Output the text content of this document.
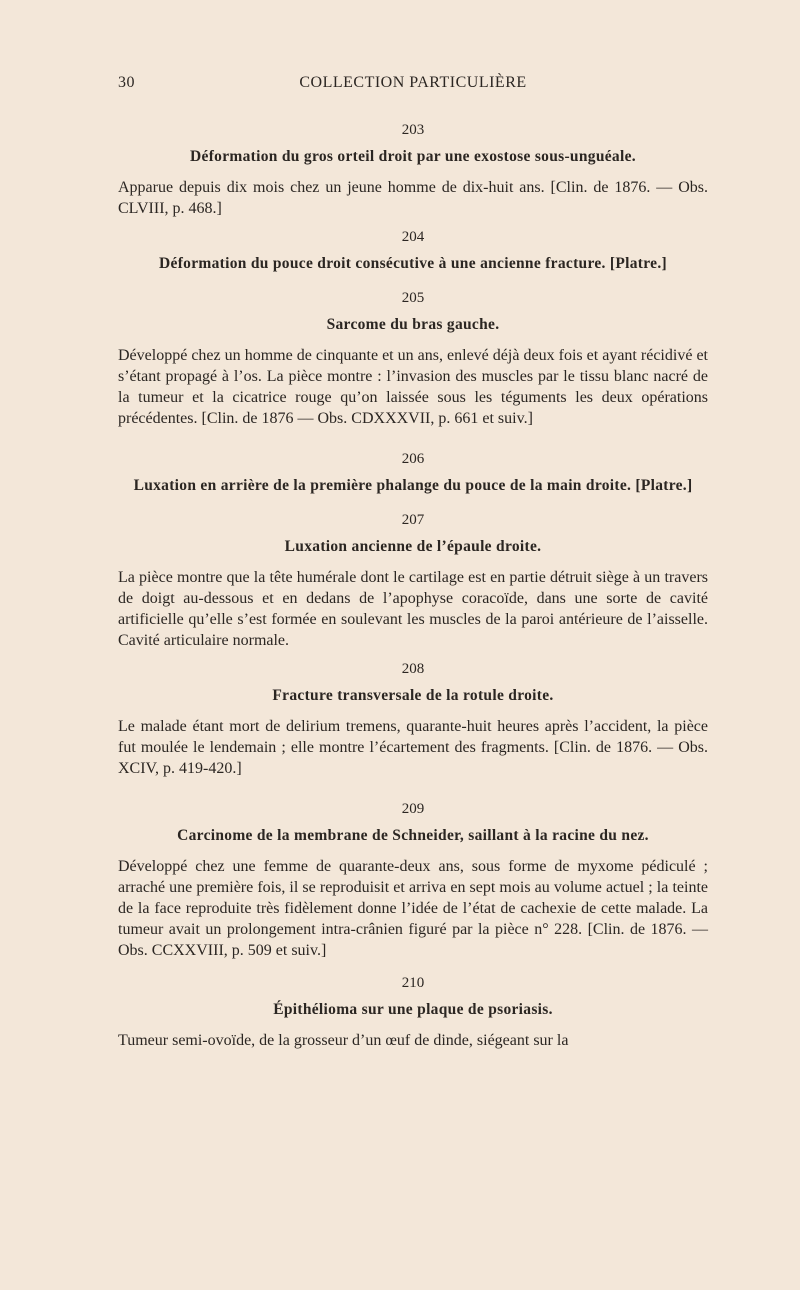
30	COLLECTION PARTICULIÈRE

203

Déformation du gros orteil droit par une exostose sous-unguéale.

Apparue depuis dix mois chez un jeune homme de dix-huit ans. [Clin. de 1876. — Obs. CLVIII, p. 468.]

204

Déformation du pouce droit consécutive à une ancienne fracture. [Platre.]

205

Sarcome du bras gauche.

Développé chez un homme de cinquante et un ans, enlevé déjà deux fois et ayant récidivé et s’étant propagé à l’os. La pièce montre : l’invasion des muscles par le tissu blanc nacré de la tumeur et la cicatrice rouge qu’on laissée sous les téguments les deux opérations précédentes. [Clin. de 1876 — Obs. CDXXXVII, p. 661 et suiv.]

206

Luxation en arrière de la première phalange du pouce de la main droite. [Platre.]

207

Luxation ancienne de l’épaule droite.

La pièce montre que la tête humérale dont le cartilage est en partie détruit siège à un travers de doigt au-dessous et en dedans de l’apophyse coracoïde, dans une sorte de cavité artificielle qu’elle s’est formée en soulevant les muscles de la paroi antérieure de l’aisselle. Cavité articulaire normale.

208

Fracture transversale de la rotule droite.

Le malade étant mort de delirium tremens, quarante-huit heures après l’accident, la pièce fut moulée le lendemain ; elle montre l’écartement des fragments. [Clin. de 1876. — Obs. XCIV, p. 419-420.]

209

Carcinome de la membrane de Schneider, saillant à la racine du nez.

Développé chez une femme de quarante-deux ans, sous forme de myxome pédiculé ; arraché une première fois, il se reproduisit et arriva en sept mois au volume actuel ; la teinte de la face reproduite très fidèlement donne l’idée de l’état de cachexie de cette malade. La tumeur avait un prolongement intra-crânien figuré par la pièce n° 228. [Clin. de 1876. — Obs. CCXXVIII, p. 509 et suiv.]

210

Épithélioma sur une plaque de psoriasis.

Tumeur semi-ovoïde, de la grosseur d’un œuf de dinde, siégeant sur la
